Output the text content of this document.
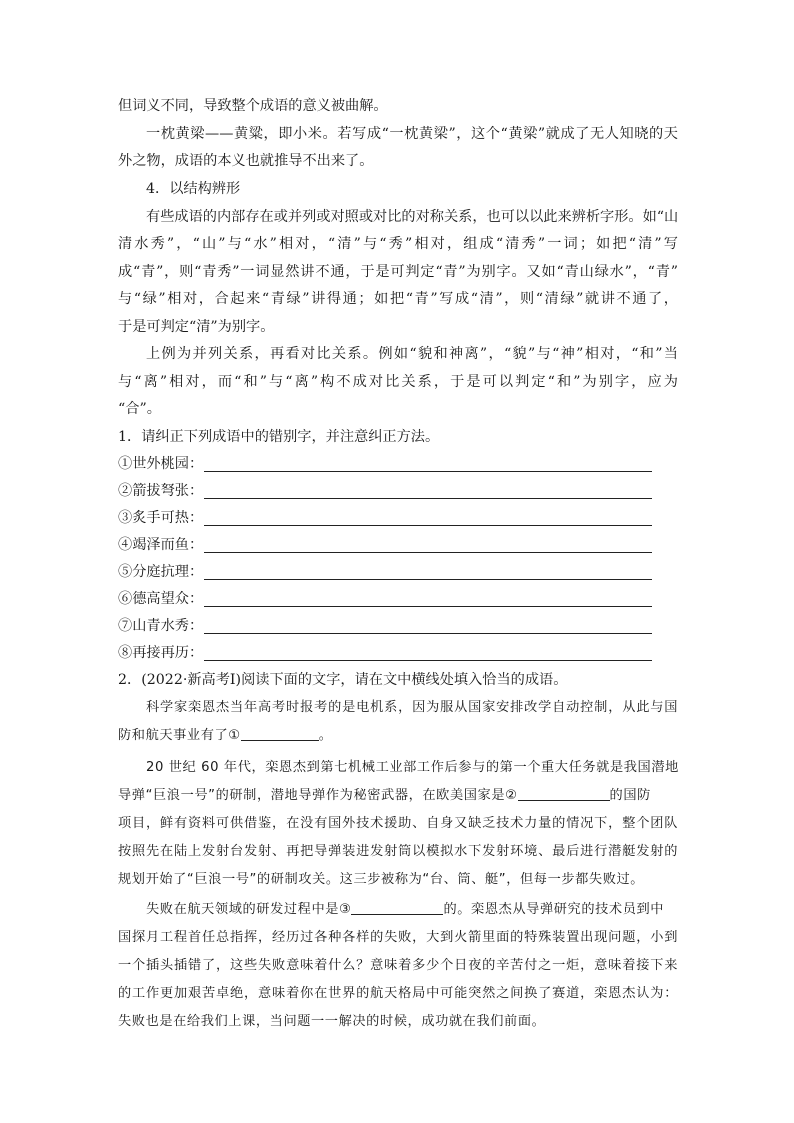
但词义不同，导致整个成语的意义被曲解。
一枕黄梁——黄粱，即小米。若写成“一枕黄梁”，这个“黄梁”就成了无人知晓的天
外之物，成语的本义也就推导不出来了。
4．以结构辨形
有些成语的内部存在或并列或对照或对比的对称关系，也可以以此来辨析字形。如“山
清水秀”，“山”与“水”相对，“清”与“秀”相对，组成“清秀”一词；如把“清”写
成“青”，则“青秀”一词显然讲不通，于是可判定“青”为别字。又如“青山绿水”，“青”
与“绿”相对，合起来“青绿”讲得通；如把“青”写成“清”，则“清绿”就讲不通了，
于是可判定“清”为别字。
上例为并列关系，再看对比关系。例如“貌和神离”，“貌”与“神”相对，“和”当
与“离”相对，而“和”与“离”构不成对比关系，于是可以判定“和”为别字，应为
“合”。
1．请纠正下列成语中的错别字，并注意纠正方法。
①世外桃园：
②箭拔弩张：
③炙手可热：
④竭泽而鱼：
⑤分庭抗理：
⑥德高望众：
⑦山青水秀：
⑧再接再历：
2．(2022·新高考Ⅰ)阅读下面的文字，请在文中横线处填入恰当的成语。
科学家栾恩杰当年高考时报考的是电机系，因为服从国家安排改学自动控制，从此与国
防和航天事业有了①	。
20 世纪 60 年代，栾恩杰到第七机械工业部工作后参与的第一个重大任务就是我国潜地
导弹“巨浪一号”的研制，潜地导弹作为秘密武器，在欧美国家是②	的国防
项目，鲜有资料可供借鉴，在没有国外技术援助、自身又缺乏技术力量的情况下，整个团队
按照先在陆上发射台发射、再把导弹装进发射筒以模拟水下发射环境、最后进行潜艇发射的
规划开始了“巨浪一号”的研制攻关。这三步被称为“台、筒、艇”，但每一步都失败过。
失败在航天领域的研发过程中是③	的。栾恩杰从导弹研究的技术员到中
国探月工程首任总指挥，经历过各种各样的失败，大到火箭里面的特殊装置出现问题，小到
一个插头插错了，这些失败意味着什么？意味着多少个日夜的辛苦付之一炬，意味着接下来
的工作更加艰苦卓绝，意味着你在世界的航天格局中可能突然之间换了赛道，栾恩杰认为：
失败也是在给我们上课，当问题一一解决的时候，成功就在我们前面。
